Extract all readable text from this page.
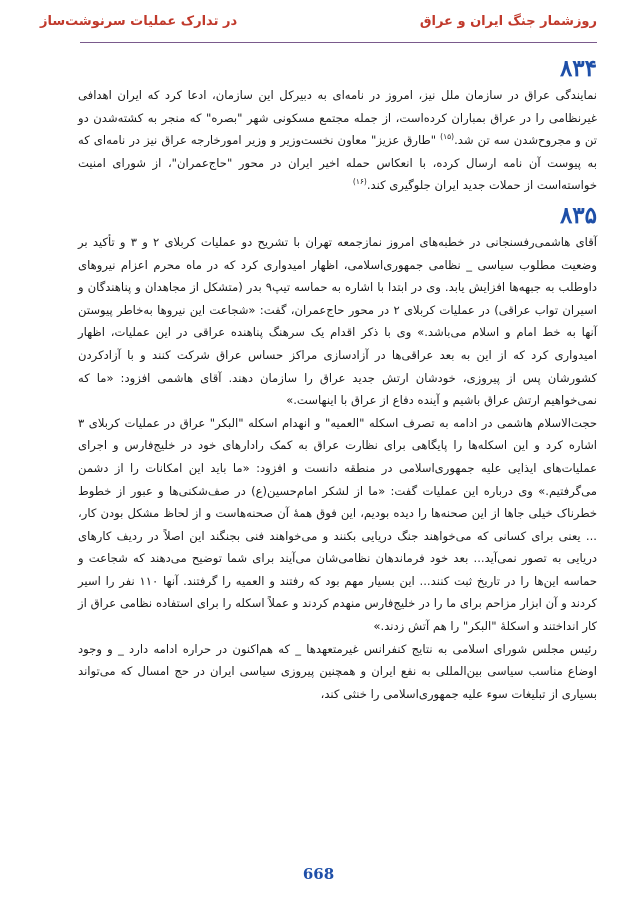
روزشمار جنگ ایران و عراق
در تدارک عملیات سرنوشت‌ساز
۸۳۴

نمایندگی عراق در سازمان ملل نیز، امروز در نامه‌ای به دبیرکل این سازمان، ادعا کرد که ایران اهدافی غیرنظامی را در عراق بمباران کرده‌است، از جمله مجتمع مسکونی شهر "بصره" که منجر به کشته‌شدن دو تن و مجروح‌شدن سه تن شد.$^{(۱۵)}$ "طارق عزیز" معاون نخست‌وزیر و وزیر امورخارجه عراق نیز در نامه‌ای که به پیوست آن نامه ارسال کرده، با انعکاس حمله اخیر ایران در محور "حاج‌عمران"، از شورای امنیت خواسته‌است از حملات جدید ایران جلوگیری کند.$^{(۱۶)}$

۸۳۵

آقای هاشمی‌رفسنجانی در خطبه‌های امروز نمازجمعه تهران با تشریح دو عملیات کربلای ۲ و ۳ و تأکید بر وضعیت مطلوب سیاسی _ نظامی جمهوری‌اسلامی، اظهار امیدواری کرد که در ماه محرم اعزام نیروهای داوطلب به جبهه‌ها افزایش یابد. وی در ابتدا با اشاره به حماسه تیپ۹ بدر (متشکل از مجاهدان و پناهندگان و اسیران تواب عراقی) در عملیات کربلای ۲ در محور حاج‌عمران، گفت: «شجاعت این نیروها به‌خاطر پیوستن آنها به خط امام و اسلام می‌باشد.» وی با ذکر اقدام یک سرهنگ پناهنده عراقی در این عملیات، اظهار امیدواری کرد که از این به بعد عراقی‌ها در آزادسازی مراکز حساس عراق شرکت کنند و با آزادکردن کشورشان پس از پیروزی، خودشان ارتش جدید عراق را سازمان دهند. آقای هاشمی افزود: «ما که نمی‌خواهیم ارتش عراق باشیم و آینده دفاع از عراق با اینهاست.»

حجت‌الاسلام هاشمی در ادامه به تصرف اسکله "العمیه" و انهدام اسکله "البکر" عراق در عملیات کربلای ۳ اشاره کرد و این اسکله‌ها را پایگاهی برای نظارت عراق به کمک رادارهای خود در خلیج‌فارس و اجرای عملیات‌های ایذایی علیه جمهوری‌اسلامی در منطقه دانست و افزود: «ما باید این امکانات را از دشمن می‌گرفتیم.» وی درباره این عملیات گفت: «ما از لشکر امام‌حسین(ع) در صف‌شکنی‌ها و عبور از خطوط خطرناک خیلی جاها از این صحنه‌ها را دیده بودیم، این فوق همهٔ آن صحنه‌هاست و از لحاظ مشکل بودن کار، ... یعنی برای کسانی که می‌خواهند جنگ دریایی بکنند و می‌خواهند فنی بجنگند این اصلاً در ردیف کارهای دریایی به تصور نمی‌آید... بعد خود فرماندهان نظامی‌شان می‌آیند برای شما توضیح می‌دهند که شجاعت و حماسه این‌ها را در تاریخ ثبت کنند... این بسیار مهم بود که رفتند و العمیه را گرفتند. آنها ۱۱۰ نفر را اسیر کردند و آن ابزار مزاحم برای ما را در خلیج‌فارس منهدم کردند و عملاً اسکله را برای استفاده نظامی عراق از کار انداختند و اسکلهٔ "البکر" را هم آتش زدند.»

رئیس مجلس شورای اسلامی به نتایج کنفرانس غیرمتعهدها _ که هم‌اکنون در حراره ادامه دارد _ و وجود اوضاع مناسب سیاسی بین‌المللی به نفع ایران و همچنین پیروزی سیاسی ایران در حج امسال که می‌تواند بسیاری از تبلیغات سوء علیه جمهوری‌اسلامی را خنثی کند،

668
